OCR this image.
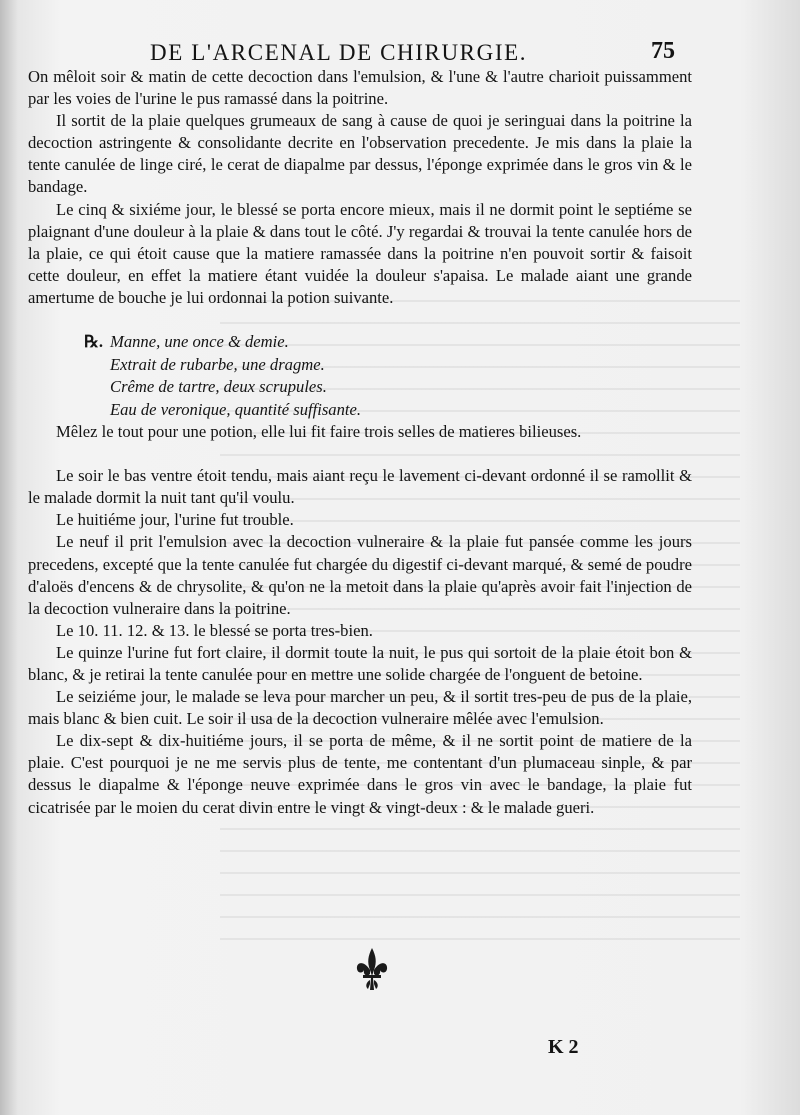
DE L'ARCENAL DE CHIRURGIE.	75

On mêloit soir & matin de cette decoction dans l'emulsion, & l'une & l'autre charioit puissamment par les voies de l'urine le pus ramassé dans la poitrine.

Il sortit de la plaie quelques grumeaux de sang à cause de quoi je seringuai dans la poitrine la decoction astringente & consolidante decrite en l'observation precedente. Je mis dans la plaie la tente canulée de linge ciré, le cerat de diapalme par dessus, l'éponge exprimée dans le gros vin & le bandage.

Le cinq & sixiéme jour, le blessé se porta encore mieux, mais il ne dormit point le septiéme se plaignant d'une douleur à la plaie & dans tout le côté. J'y regardai & trouvai la tente canulée hors de la plaie, ce qui étoit cause que la matiere ramassée dans la poitrine n'en pouvoit sortir & faisoit cette douleur, en effet la matiere étant vuidée la douleur s'apaisa. Le malade aiant une grande amertume de bouche je lui ordonnai la potion suivante.

℞. Manne, une once & demie.
Extrait de rubarbe, une dragme.
Crême de tartre, deux scrupules.
Eau de veronique, quantité suffisante.

Mêlez le tout pour une potion, elle lui fit faire trois selles de matieres bilieuses.

Le soir le bas ventre étoit tendu, mais aiant reçu le lavement ci-devant ordonné il se ramollit & le malade dormit la nuit tant qu'il voulu.

Le huitiéme jour, l'urine fut trouble.

Le neuf il prit l'emulsion avec la decoction vulneraire & la plaie fut pansée comme les jours precedens, excepté que la tente canulée fut chargée du digestif ci-devant marqué, & semé de poudre d'aloës d'encens & de chrysolite, & qu'on ne la metoit dans la plaie qu'après avoir fait l'injection de la decoction vulneraire dans la poitrine.

Le 10. 11. 12. & 13. le blessé se porta tres-bien.

Le quinze l'urine fut fort claire, il dormit toute la nuit, le pus qui sortoit de la plaie étoit bon & blanc, & je retirai la tente canulée pour en mettre une solide chargée de l'onguent de betoine.

Le seiziéme jour, le malade se leva pour marcher un peu, & il sortit tres-peu de pus de la plaie, mais blanc & bien cuit. Le soir il usa de la decoction vulneraire mêlée avec l'emulsion.

Le dix-sept & dix-huitiéme jours, il se porta de même, & il ne sortit point de matiere de la plaie. C'est pourquoi je ne me servis plus de tente, me contentant d'un plumaceau sinple, & par dessus le diapalme & l'éponge neuve exprimée dans le gros vin avec le bandage, la plaie fut cicatrisée par le moien du cerat divin entre le vingt & vingt-deux : & le malade gueri.

K 2
